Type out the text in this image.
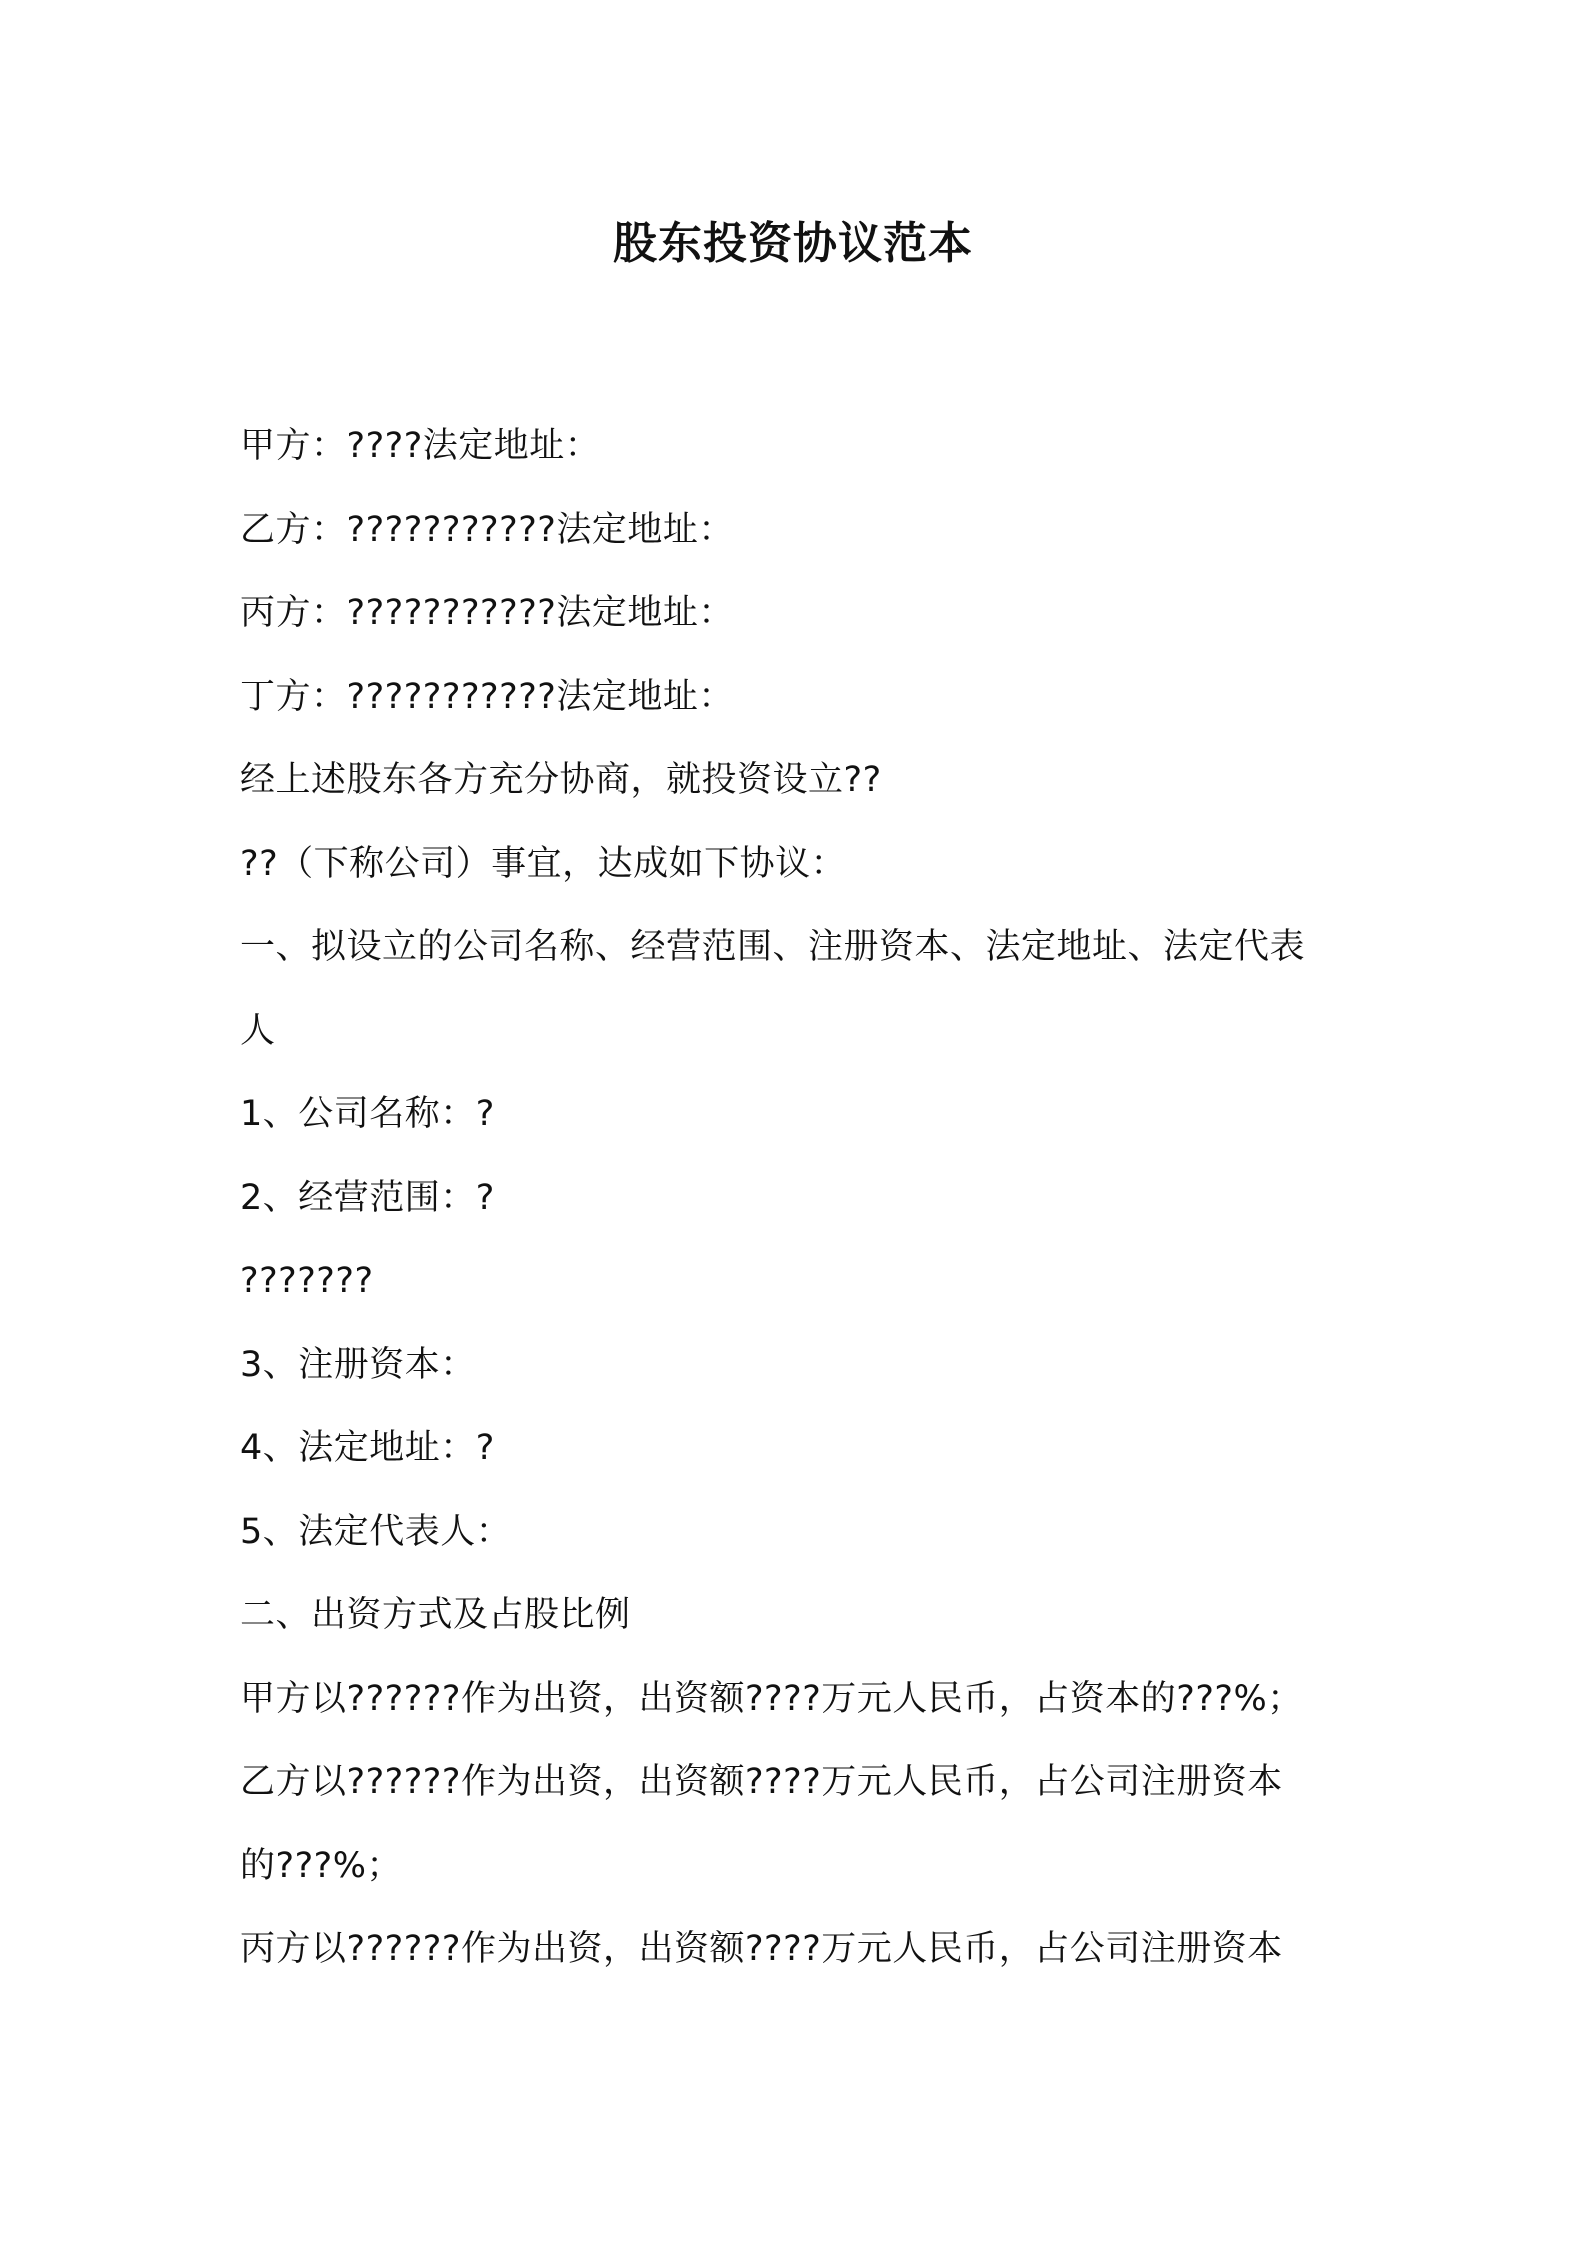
股东投资协议范本
甲方：????法定地址：
乙方：???????????法定地址：
丙方：???????????法定地址：
丁方：???????????法定地址：
经上述股东各方充分协商，就投资设立??
??（下称公司）事宜，达成如下协议：
一、拟设立的公司名称、经营范围、注册资本、法定地址、法定代表
人
1、公司名称：?
2、经营范围：?
???????
3、注册资本：
4、法定地址：?
5、法定代表人：
二、出资方式及占股比例
甲方以??????作为出资，出资额????万元人民币，占资本的???%；
乙方以??????作为出资，出资额????万元人民币，占公司注册资本
的???%；
丙方以??????作为出资，出资额????万元人民币，占公司注册资本
